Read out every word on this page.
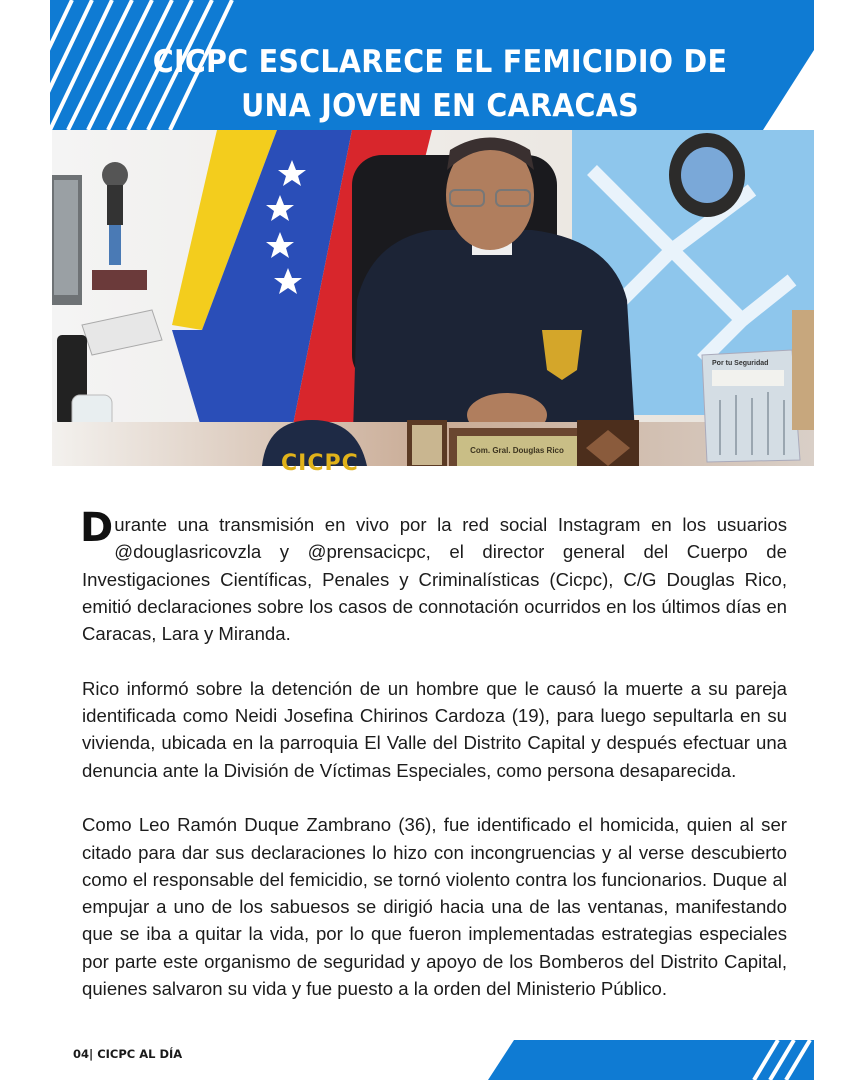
CICPC ESCLARECE EL FEMICIDIO DE
UNA JOVEN EN CARACAS
Com. Gral. Douglas Rico
CICPC
Por tu Seguridad

Durante una transmisión en vivo por la red social Instagram en los usuarios @douglasricovzla y @prensacicpc, el director general del Cuerpo de Investigaciones Científicas, Penales y Criminalísticas (Cicpc), C/G Douglas Rico, emitió declaraciones sobre los casos de connotación ocurridos en los últimos días en Caracas, Lara y Miranda.

Rico informó sobre la detención de un hombre que le causó la muerte a su pareja identificada como Neidi Josefina Chirinos Cardoza (19), para luego sepultarla en su vivienda, ubicada en la parroquia El Valle del Distrito Capital y después efectuar una denuncia ante la División de Víctimas Especiales, como persona desaparecida.

Como Leo Ramón Duque Zambrano (36), fue identificado el homicida, quien al ser citado para dar sus declaraciones lo hizo con incongruencias y al verse descubierto como el responsable del femicidio, se tornó violento contra los funcionarios. Duque al empujar a uno de los sabuesos se dirigió hacia una de las ventanas, manifestando que se iba a quitar la vida, por lo que fueron implementadas estrategias especiales por parte este organismo de seguridad y apoyo de los Bomberos del Distrito Capital, quienes salvaron su vida y fue puesto a la orden del Ministerio Público.

04| CICPC AL DÍA
